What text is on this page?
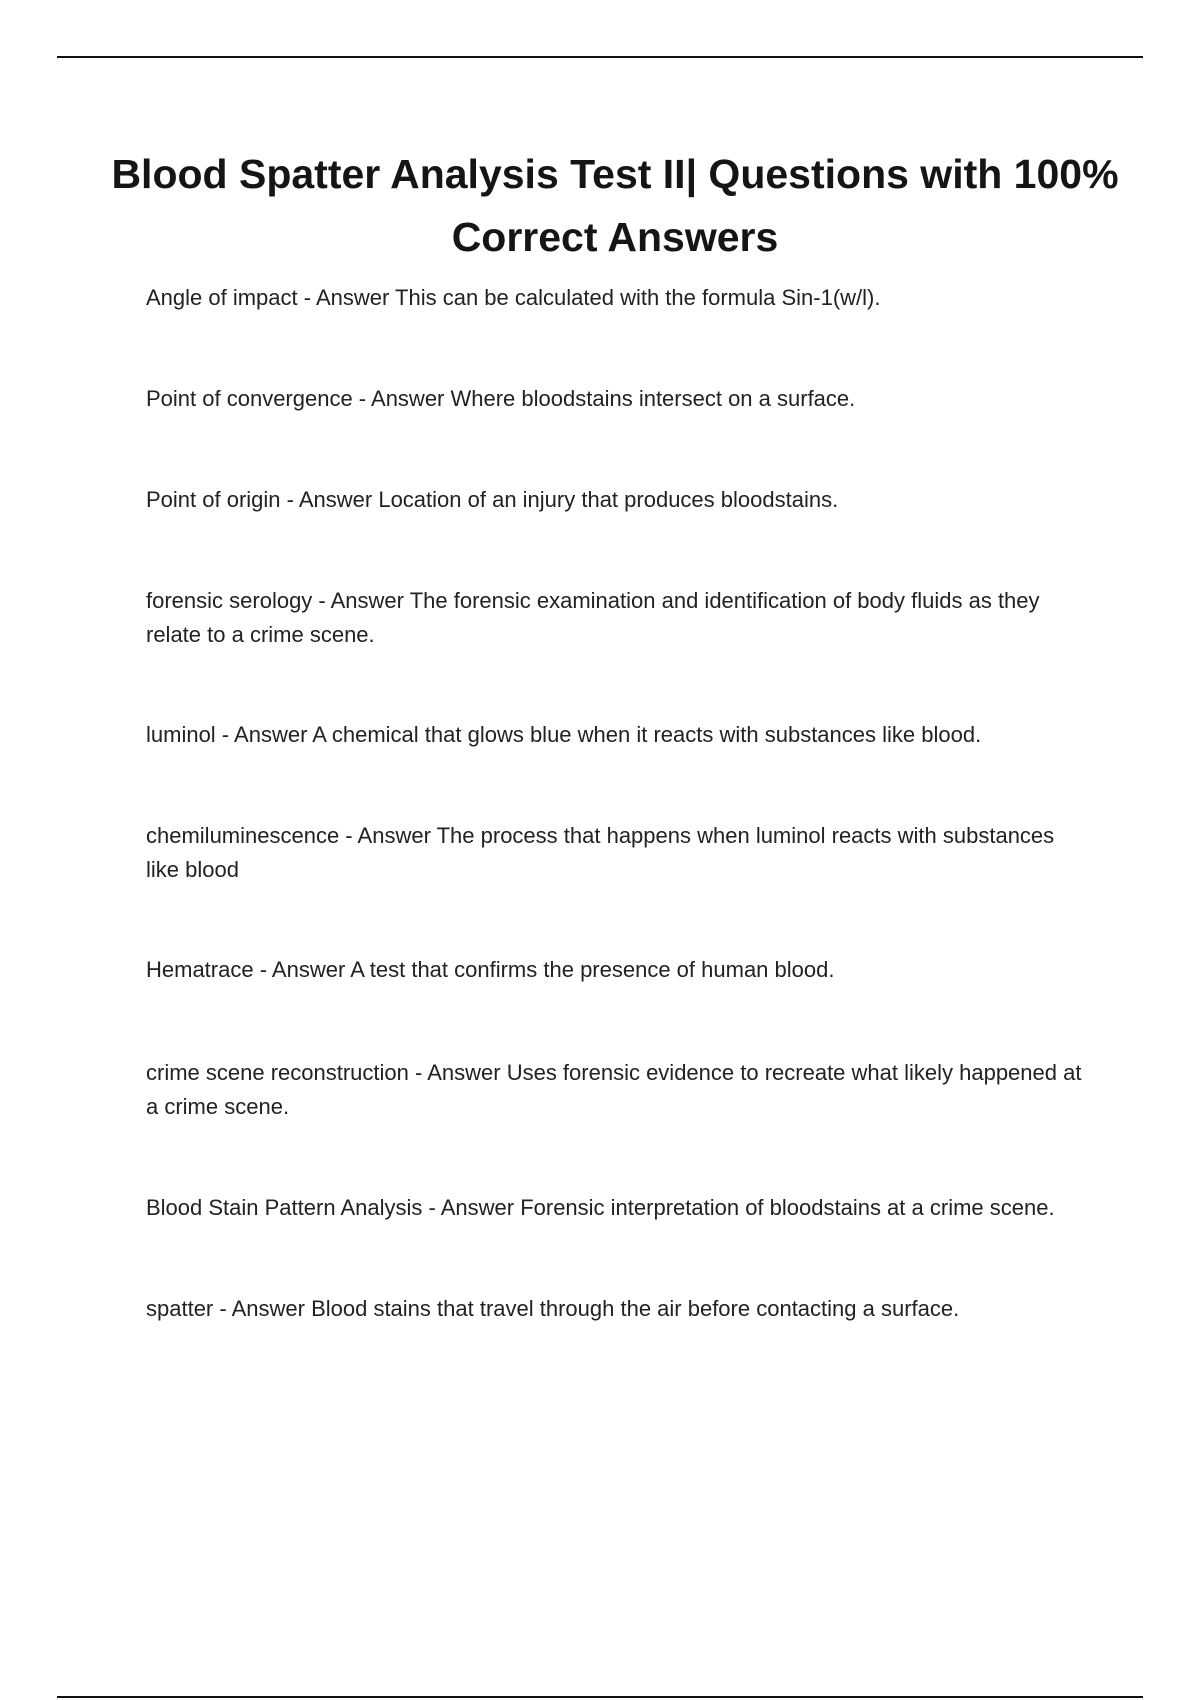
Blood Spatter Analysis Test II| Questions with 100% Correct Answers
Angle of impact - Answer This can be calculated with the formula Sin-1(w/l).
Point of convergence - Answer Where bloodstains intersect on a surface.
Point of origin - Answer Location of an injury that produces bloodstains.
forensic serology - Answer The forensic examination and identification of body fluids as they relate to a crime scene.
luminol - Answer A chemical that glows blue when it reacts with substances like blood.
chemiluminescence - Answer The process that happens when luminol reacts with substances like blood
Hematrace - Answer A test that confirms the presence of human blood.
crime scene reconstruction - Answer Uses forensic evidence to recreate what likely happened at a crime scene.
Blood Stain Pattern Analysis - Answer Forensic interpretation of bloodstains at a crime scene.
spatter - Answer Blood stains that travel through the air before contacting a surface.
